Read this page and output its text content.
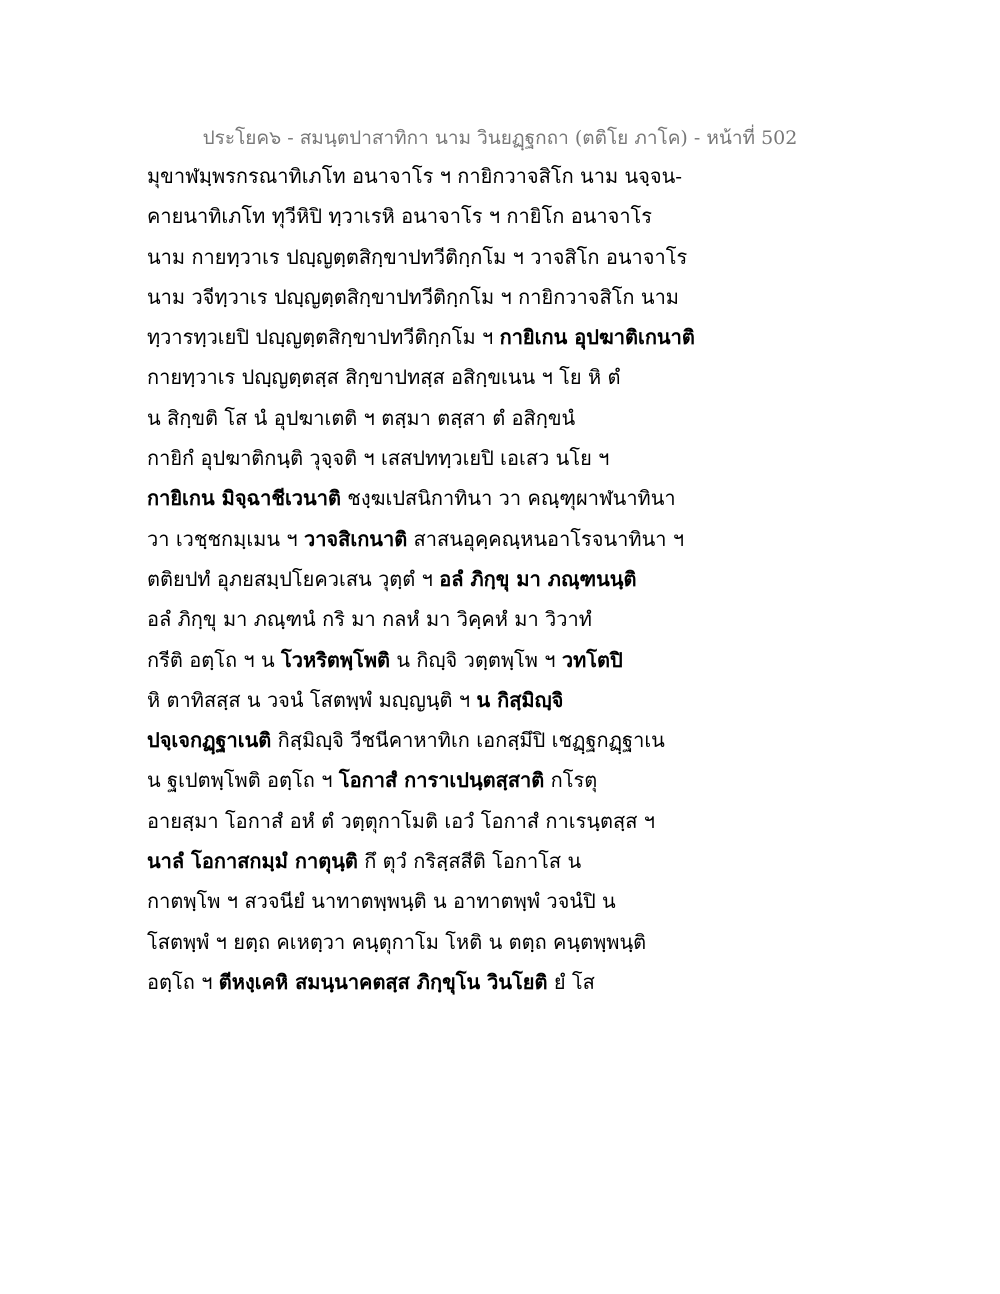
ประโยค๖ - สมนฺตปาสาทิกา นาม วินยฏฺฐกถา (ตติโย ภาโค) - หน้าที่ 502
มุขาฬมฺพรกรณาทิเภโท อนาจาโร ฯ กายิกวาจสิโก นาม นจฺจน-
คายนาทิเภโท ทุวีหิปิ ทฺวาเรหิ อนาจาโร ฯ กายิโก อนาจาโร
นาม กายทฺวาเร ปญฺญตฺตสิกฺขาปทวีติกฺกโม ฯ วาจสิโก อนาจาโร
นาม วจีทฺวาเร ปญฺญตฺตสิกฺขาปทวีติกฺกโม ฯ กายิกวาจสิโก นาม
ทฺวารทฺวเยปิ ปญฺญตฺตสิกฺขาปทวีติกฺกโม ฯ กายิเกน อุปฆาติเกนาติ
กายทฺวาเร ปญฺญตฺตสฺส สิกฺขาปทสฺส อสิกฺขเนน ฯ โย หิ ตํ
น สิกฺขติ โส นํ อุปฆาเตติ ฯ ตสฺมา ตสฺสา ตํ อสิกฺขนํ
กายิกํ อุปฆาติกนฺติ วุจฺจติ ฯ เสสปททฺวเยปิ เอเสว นโย ฯ
กายิเกน มิจฺฉาชีเวนาติ ชงฺฆเปสนิกาทินา วา คณฺฑุผาฬนาทินา
วา เวชฺชกมฺเมน ฯ วาจสิเกนาติ สาสนอุคฺคณฺหนอาโรจนาทินา ฯ
ตติยปทํ อุภยสมฺปโยควเสน วุตฺตํ ฯ อลํ ภิกฺขุ มา ภณฺฑนนฺติ
อลํ ภิกฺขุ มา ภณฺฑนํ กริ มา กลหํ มา วิคฺคหํ มา วิวาทํ
กรีติ อตฺโถ ฯ น โวหริตพฺโพติ น กิญฺจิ วตฺตพฺโพ ฯ วทโตปิ
หิ ตาทิสสฺส น วจนํ โสตพฺพํ มญฺญนฺติ ฯ น กิสฺมิญฺจิ
ปจฺเจกฏฺฐาเนติ กิสฺมิญฺจิ วีชนีคาหาทิเก เอกสฺมึปิ เชฏฺฐกฏฺฐาเน
น ฐเปตพฺโพติ อตฺโถ ฯ โอกาสํ การาเปนฺตสฺสาติ กโรตุ
อายสฺมา โอกาสํ อหํ ตํ วตฺตุกาโมติ เอวํ โอกาสํ กาเรนฺตสฺส ฯ
นาลํ โอกาสกมฺมํ กาตุนฺติ กึ ตุวํ กริสฺสสีติ โอกาโส น
กาตพฺโพ ฯ สวจนียํ นาทาตพฺพนฺติ น อาทาตพฺพํ วจนํปิ น
โสตพฺพํ ฯ ยตฺถ คเหตฺวา คนฺตุกาโม โหติ น ตตฺถ คนฺตพฺพนฺติ
อตฺโถ ฯ ตีหงฺเคหิ สมนฺนาคตสฺส ภิกฺขุโน วินโยติ ยํ โส
